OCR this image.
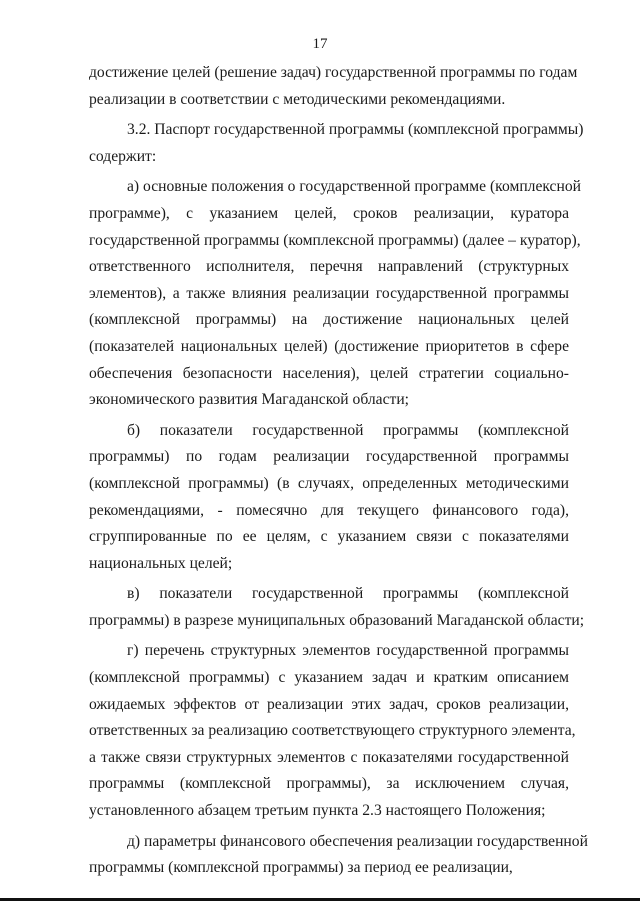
17
достижение целей (решение задач) государственной программы по годам
реализации в соответствии с методическими рекомендациями.
3.2. Паспорт государственной программы (комплексной программы)
содержит:
а) основные положения о государственной программе (комплексной
программе), с указанием целей, сроков реализации, куратора
государственной программы (комплексной программы) (далее – куратор),
ответственного исполнителя, перечня направлений (структурных
элементов), а также влияния реализации государственной программы
(комплексной программы) на достижение национальных целей
(показателей национальных целей) (достижение приоритетов в сфере
обеспечения безопасности населения), целей стратегии социально-
экономического развития Магаданской области;
б) показатели государственной программы (комплексной
программы) по годам реализации государственной программы
(комплексной программы) (в случаях, определенных методическими
рекомендациями, - помесячно для текущего финансового года),
сгруппированные по ее целям, с указанием связи с показателями
национальных целей;
в) показатели государственной программы (комплексной
программы) в разрезе муниципальных образований Магаданской области;
г) перечень структурных элементов государственной программы
(комплексной программы) с указанием задач и кратким описанием
ожидаемых эффектов от реализации этих задач, сроков реализации,
ответственных за реализацию соответствующего структурного элемента,
а также связи структурных элементов с показателями государственной
программы (комплексной программы), за исключением случая,
установленного абзацем третьим пункта 2.3 настоящего Положения;
д) параметры финансового обеспечения реализации государственной
программы (комплексной программы) за период ее реализации,
